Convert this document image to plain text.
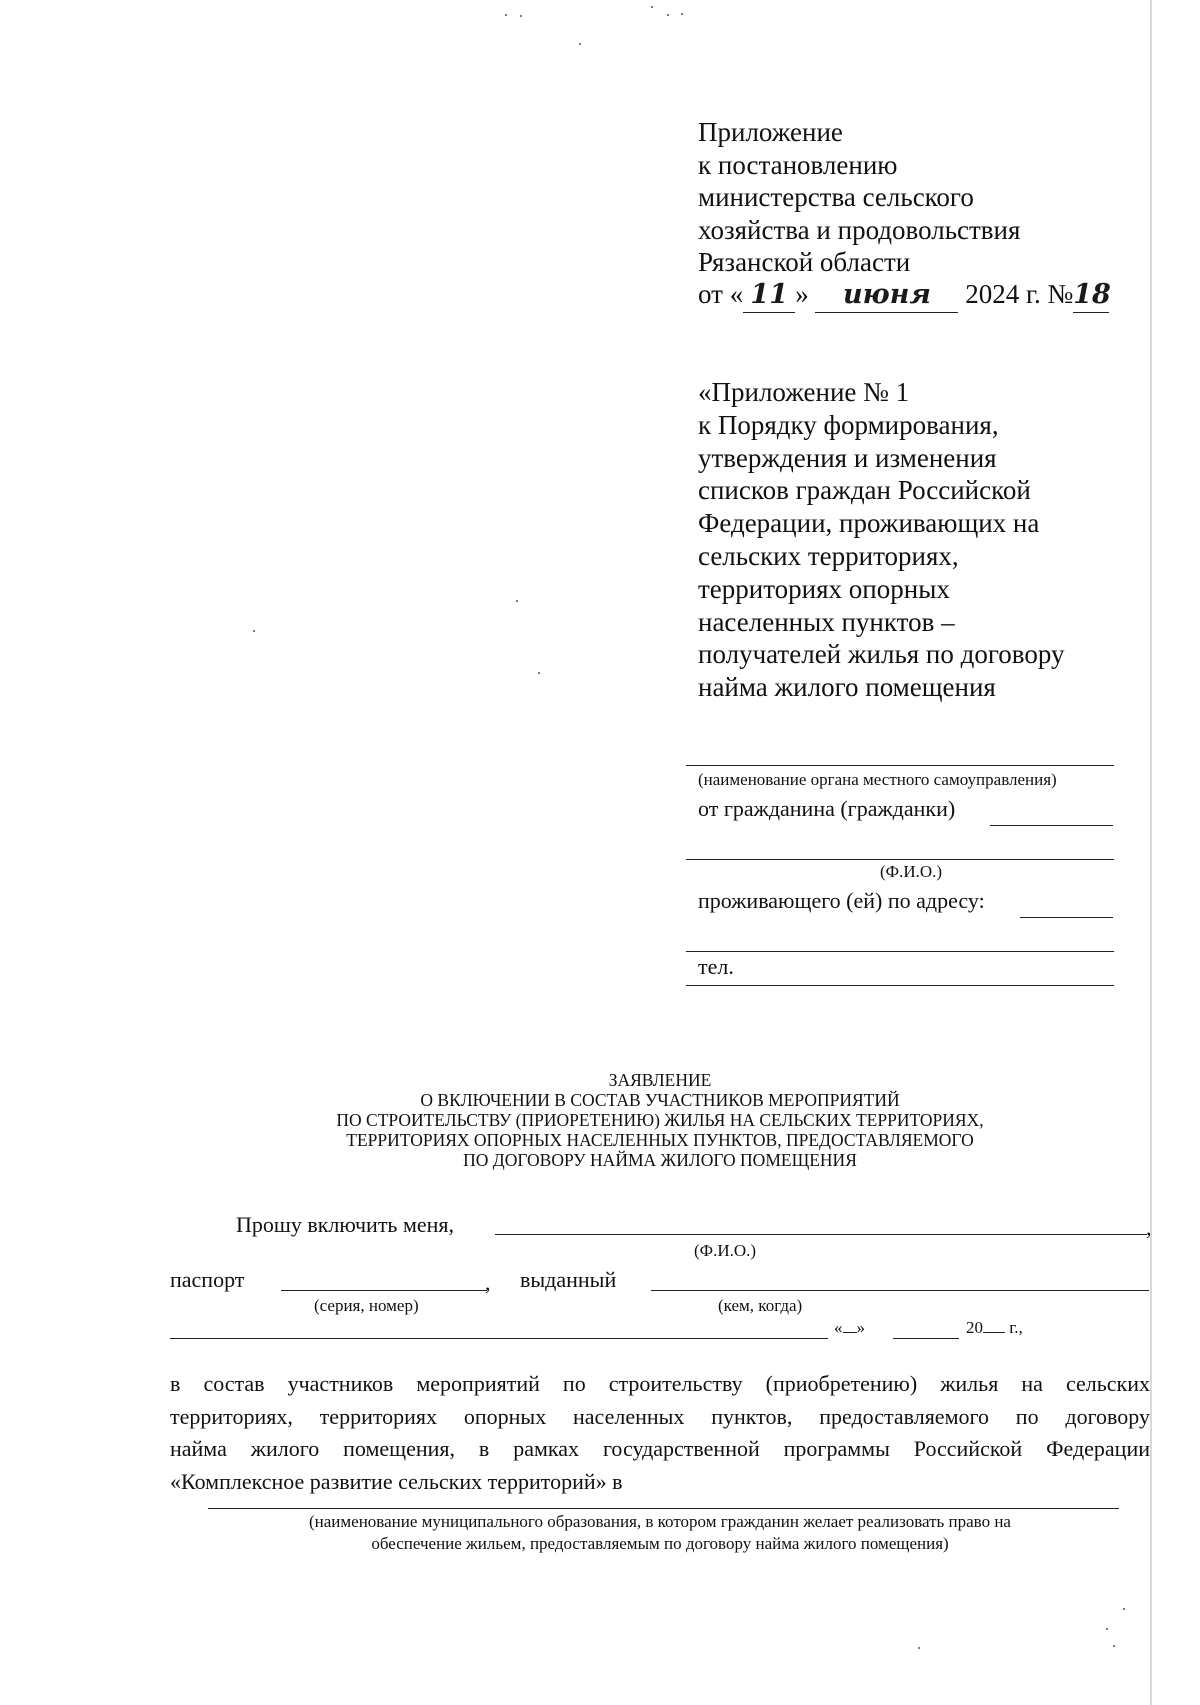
Приложение
к постановлению
министерства сельского
хозяйства и продовольствия
Рязанской области
от « 11 » июня 2024 г. №18
«Приложение № 1
к Порядку формирования,
утверждения и изменения
списков граждан Российской
Федерации, проживающих на
сельских территориях,
территориях опорных
населенных пунктов –
получателей жилья по договору
найма жилого помещения
(наименование органа местного самоуправления)
от гражданина (гражданки)
(Ф.И.О.)
проживающего (ей) по адресу:
тел.
ЗАЯВЛЕНИЕ
О ВКЛЮЧЕНИИ В СОСТАВ УЧАСТНИКОВ МЕРОПРИЯТИЙ
ПО СТРОИТЕЛЬСТВУ (ПРИОРЕТЕНИЮ) ЖИЛЬЯ НА СЕЛЬСКИХ ТЕРРИТОРИЯХ,
ТЕРРИТОРИЯХ ОПОРНЫХ НАСЕЛЕННЫХ ПУНКТОВ, ПРЕДОСТАВЛЯЕМОГО
ПО ДОГОВОРУ НАЙМА ЖИЛОГО ПОМЕЩЕНИЯ
Прошу включить меня,	,
(Ф.И.О.)
паспорт	, выданный
(серия, номер)	(кем, когда)
« »	20 г.,
в состав участников мероприятий по строительству (приобретению) жилья на сельских
территориях, территориях опорных населенных пунктов, предоставляемого по договору
найма жилого помещения, в рамках государственной программы Российской Федерации
«Комплексное развитие сельских территорий» в
(наименование муниципального образования, в котором гражданин желает реализовать право на
обеспечение жильем, предоставляемым по договору найма жилого помещения)
